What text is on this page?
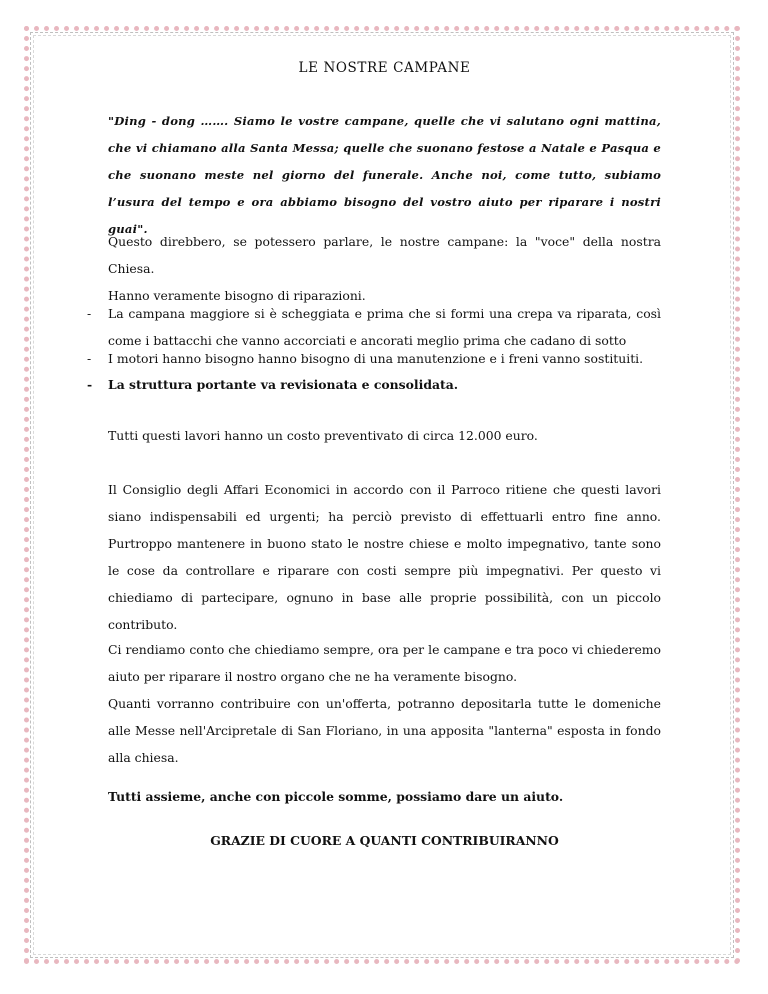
LE NOSTRE CAMPANE

"Ding - dong ……. Siamo le vostre campane, quelle che vi salutano ogni mattina, che vi chiamano alla Santa Messa; quelle che suonano festose a Natale e Pasqua e che suonano meste nel giorno del funerale. Anche noi, come tutto, subiamo l’usura del tempo e ora abbiamo bisogno del vostro aiuto per riparare i nostri guai".

Questo direbbero, se potessero parlare, le nostre campane: la "voce" della nostra Chiesa.

Hanno veramente bisogno di riparazioni.

- La campana maggiore si è scheggiata e prima che si formi una crepa va riparata, così come i battacchi che vanno accorciati e ancorati meglio prima che cadano di sotto
- I motori hanno bisogno hanno bisogno di una manutenzione e i freni vanno sostituiti.
- La struttura portante va revisionata e consolidata.

Tutti questi lavori hanno un costo preventivato di circa 12.000 euro.

Il Consiglio degli Affari Economici in accordo con il Parroco ritiene che questi lavori siano indispensabili ed urgenti; ha perciò previsto di effettuarli entro fine anno. Purtroppo mantenere in buono stato le nostre chiese e molto impegnativo, tante sono le cose da controllare e riparare con costi sempre più impegnativi. Per questo vi chiediamo di partecipare, ognuno in base alle proprie possibilità, con un piccolo contributo.

Ci rendiamo conto che chiediamo sempre, ora per le campane e tra poco vi chiederemo aiuto per riparare il nostro organo che ne ha veramente bisogno.

Quanti vorranno contribuire con un'offerta, potranno depositarla tutte le domeniche alle Messe nell'Arcipretale di San Floriano, in una apposita "lanterna" esposta in fondo alla chiesa.

Tutti assieme, anche con piccole somme, possiamo dare un aiuto.

GRAZIE DI CUORE A QUANTI CONTRIBUIRANNO
